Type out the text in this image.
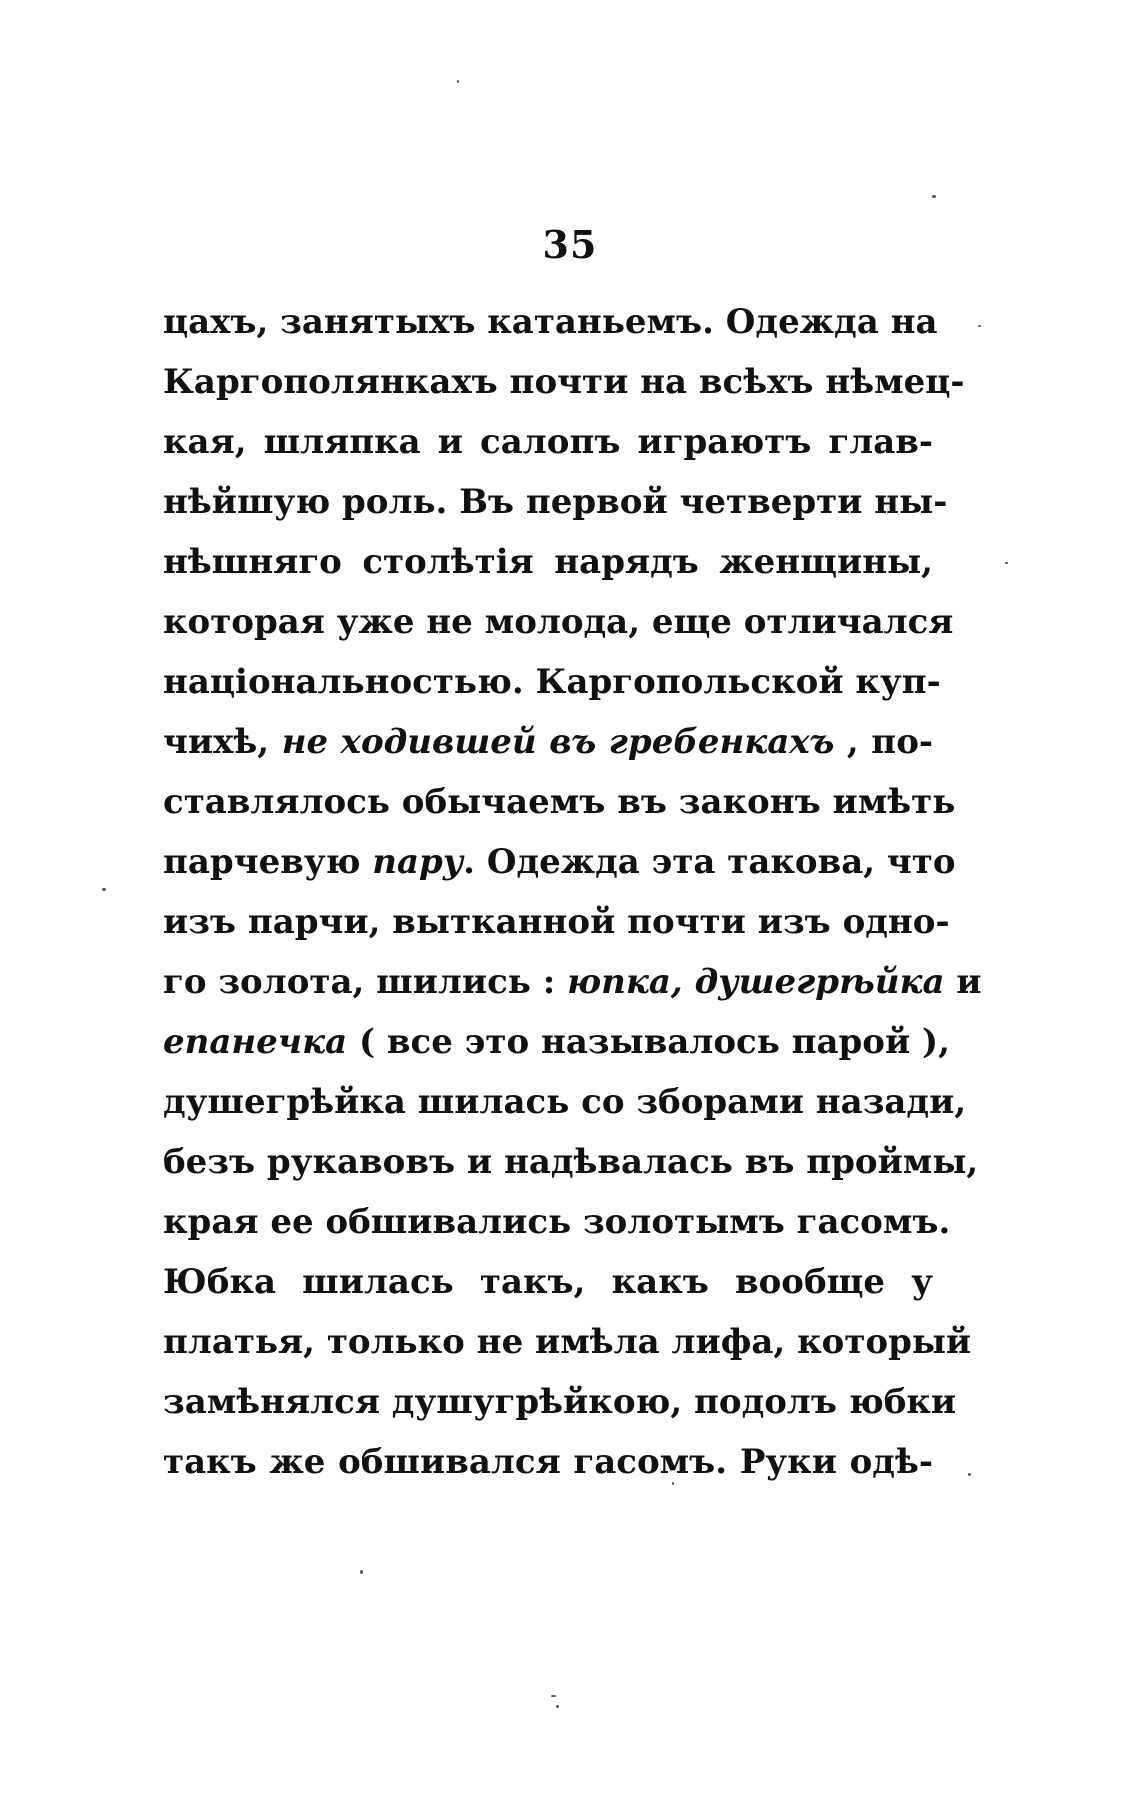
35
цахъ, занятыхъ катаньемъ. Одежда на
Каргополянкахъ почти на всѣхъ нѣмец-
кая, шляпка и салопъ играютъ глав-
нѣйшую роль. Въ первой четверти ны-
нѣшняго столѣтія нарядъ женщины,
которая уже не молода, еще отличался
національностью. Каргопольской куп-
чихѣ, не ходившей въ гребенкахъ , по-
ставлялось обычаемъ въ законъ имѣть
парчевую пару. Одежда эта такова, что
изъ парчи, вытканной почти изъ одно-
го золота, шились : юпка, душегрѣйка и
епанечка ( все это называлось парой ),
душегрѣйка шилась со зборами назади,
безъ рукавовъ и надѣвалась въ проймы,
края ее обшивались золотымъ гасомъ.
Юбка шилась такъ, какъ вообще у
платья, только не имѣла лифа, который
замѣнялся душугрѣйкою, подолъ юбки
такъ же обшивался гасомъ. Руки одѣ-
